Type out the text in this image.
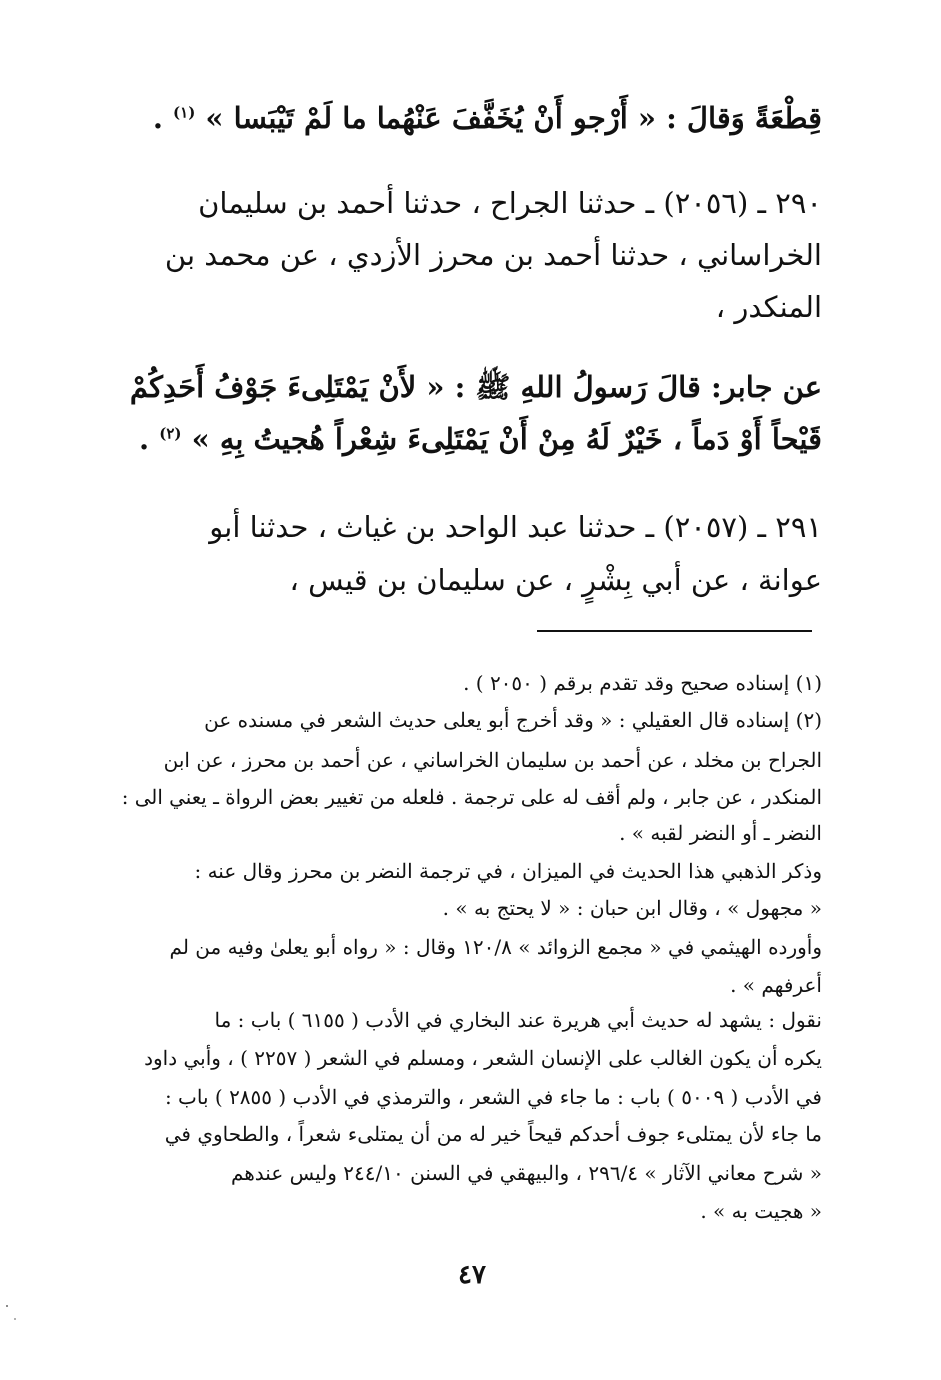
قِطْعَةً وَقالَ : « أَرْجو أَنْ يُخَفَّفَ عَنْهُما ما لَمْ تَيْبَسا » $^{(١)}$ .
٢٩٠ ـ (٢٠٥٦) ـ حدثنا الجراح ، حدثنا أحمد بن سليمان
الخراساني ، حدثنا أحمد بن محرز الأزدي ، عن محمد بن
المنكدر ،
عن جابر: قالَ رَسولُ اللهِ ﷺ : « لأَنْ يَمْتَلِىءَ جَوْفُ أَحَدِكُمْ
قَيْحاً أَوْ دَماً ، خَيْرٌ لَهُ مِنْ أَنْ يَمْتَلِىءَ شِعْراً هُجيتُ بِهِ » $^{(٢)}$ .
٢٩١ ـ (٢٠٥٧) ـ حدثنا عبد الواحد بن غياث ، حدثنا أبو
عوانة ، عن أبي بِشْرٍ ، عن سليمان بن قيس ،
(١) إسناده صحيح وقد تقدم برقم ( ٢٠٥٠ ) .
(٢) إسناده قال العقيلي : « وقد أخرج أبو يعلى حديث الشعر في مسنده عن
الجراح بن مخلد ، عن أحمد بن سليمان الخراساني ، عن أحمد بن محرز ، عن ابن
المنكدر ، عن جابر ، ولم أقف له على ترجمة . فلعله من تغيير بعض الرواة ـ يعني الى :
النضر ـ أو النضر لقبه » .
وذكر الذهبي هذا الحديث في الميزان ، في ترجمة النضر بن محرز وقال عنه :
« مجهول » ، وقال ابن حبان : « لا يحتج به » .
وأورده الهيثمي في « مجمع الزوائد » ١٢٠/٨ وقال : « رواه أبو يعلىٰ وفيه من لم
أعرفهم » .
نقول : يشهد له حديث أبي هريرة عند البخاري في الأدب ( ٦١٥٥ ) باب : ما
يكره أن يكون الغالب على الإنسان الشعر ، ومسلم في الشعر ( ٢٢٥٧ ) ، وأبي داود
في الأدب ( ٥٠٠٩ ) باب : ما جاء في الشعر ، والترمذي في الأدب ( ٢٨٥٥ ) باب :
ما جاء لأن يمتلىء جوف أحدكم قيحاً خير له من أن يمتلىء شعراً ، والطحاوي في
« شرح معاني الآثار » ٢٩٦/٤ ، والبيهقي في السنن ٢٤٤/١٠ وليس عندهم
« هجيت به » .
٤٧
